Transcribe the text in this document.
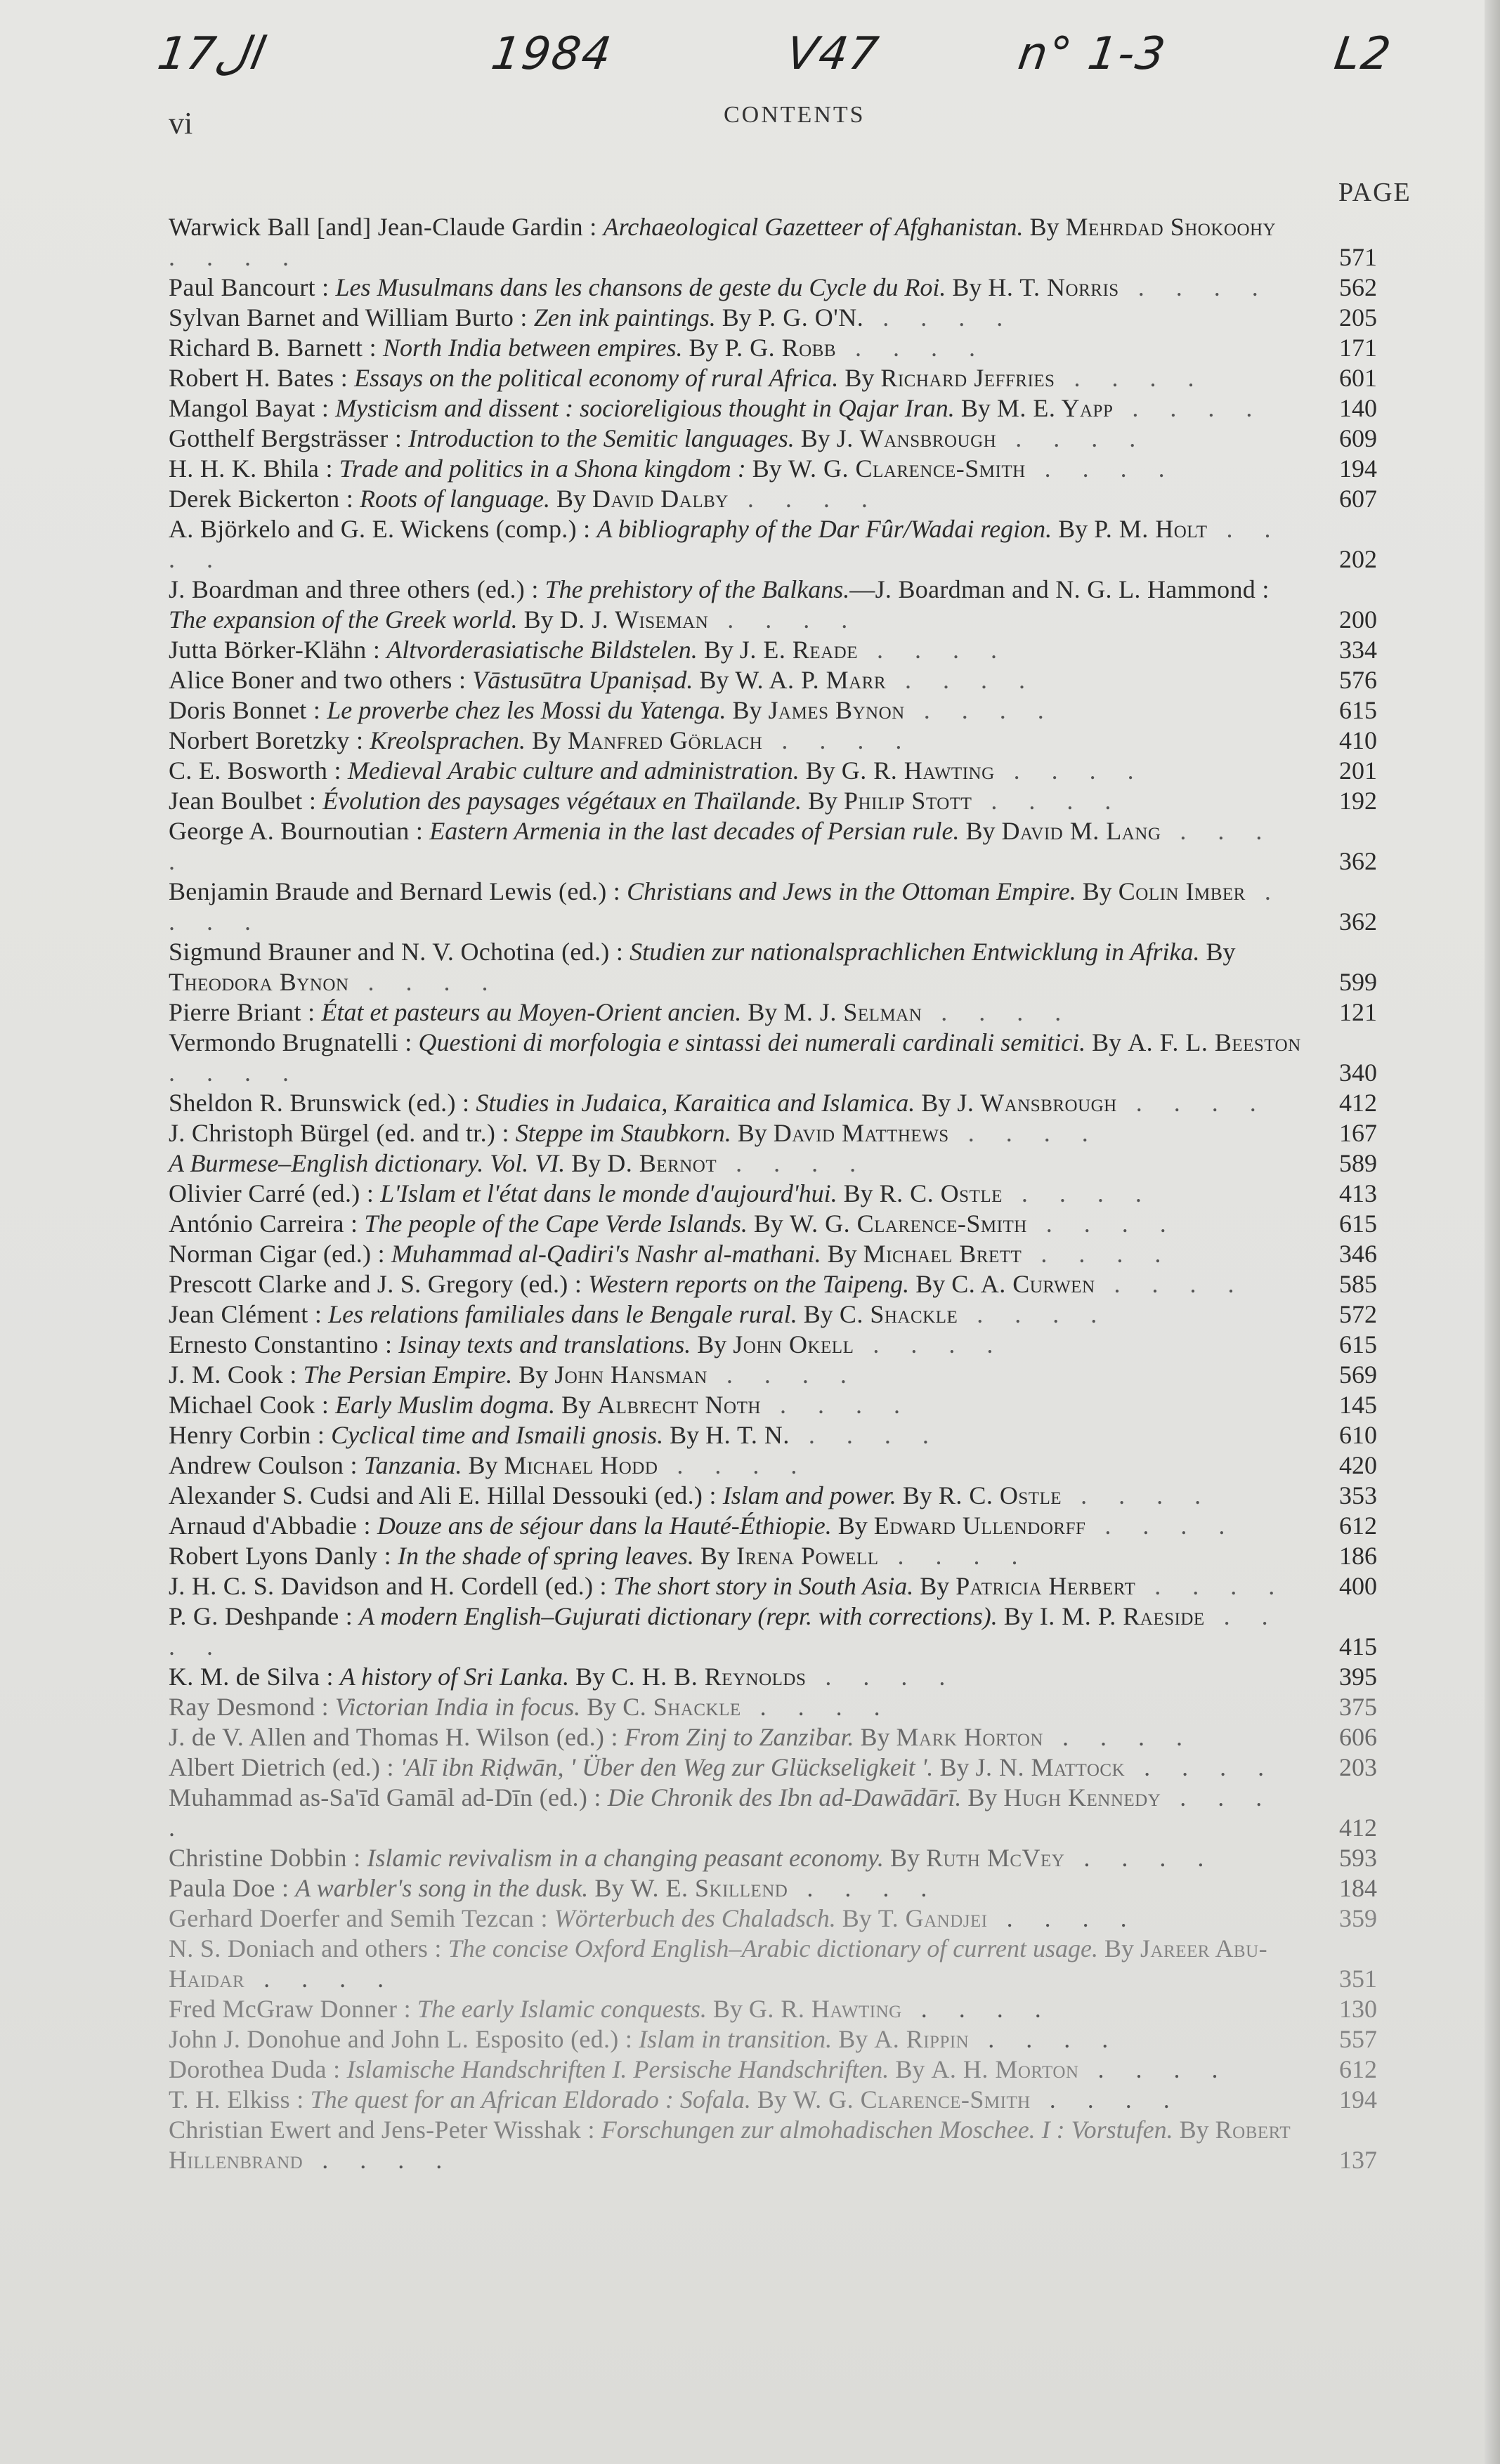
17ال	1984	V47	n° 1-3	L2
vi	CONTENTS
PAGE
Warwick Ball [and] Jean-Claude Gardin : Archaeological Gazetteer of Afghanistan. By Mehrdad Shokoohy . . . .	571
Paul Bancourt : Les Musulmans dans les chansons de geste du Cycle du Roi. By H. T. Norris . . . .	562
Sylvan Barnet and William Burto : Zen ink paintings. By P. G. O'N. . . . .	205
Richard B. Barnett : North India between empires. By P. G. Robb . . . .	171
Robert H. Bates : Essays on the political economy of rural Africa. By Richard Jeffries . . . .	601
Mangol Bayat : Mysticism and dissent : socioreligious thought in Qajar Iran. By M. E. Yapp . . . .	140
Gotthelf Bergsträsser : Introduction to the Semitic languages. By J. Wansbrough . . . .	609
H. H. K. Bhila : Trade and politics in a Shona kingdom : By W. G. Clarence-Smith . . . .	194
Derek Bickerton : Roots of language. By David Dalby . . . .	607
A. Björkelo and G. E. Wickens (comp.) : A bibliography of the Dar Fûr/Wadai region. By P. M. Holt . . . .	202
J. Boardman and three others (ed.) : The prehistory of the Balkans.—J. Boardman and N. G. L. Hammond : The expansion of the Greek world. By D. J. Wiseman . . . .	200
Jutta Börker-Klähn : Altvorderasiatische Bildstelen. By J. E. Reade . . . .	334
Alice Boner and two others : Vāstusūtra Upaniṣad. By W. A. P. Marr . . . .	576
Doris Bonnet : Le proverbe chez les Mossi du Yatenga. By James Bynon . . . .	615
Norbert Boretzky : Kreolsprachen. By Manfred Görlach . . . .	410
C. E. Bosworth : Medieval Arabic culture and administration. By G. R. Hawting . . . .	201
Jean Boulbet : Évolution des paysages végétaux en Thaïlande. By Philip Stott . . . .	192
George A. Bournoutian : Eastern Armenia in the last decades of Persian rule. By David M. Lang . . . .	362
Benjamin Braude and Bernard Lewis (ed.) : Christians and Jews in the Ottoman Empire. By Colin Imber . . . .	362
Sigmund Brauner and N. V. Ochotina (ed.) : Studien zur nationalsprachlichen Entwicklung in Afrika. By Theodora Bynon . . . .	599
Pierre Briant : État et pasteurs au Moyen-Orient ancien. By M. J. Selman . . . .	121
Vermondo Brugnatelli : Questioni di morfologia e sintassi dei numerali cardinali semitici. By A. F. L. Beeston . . . .	340
Sheldon R. Brunswick (ed.) : Studies in Judaica, Karaitica and Islamica. By J. Wansbrough . . . .	412
J. Christoph Bürgel (ed. and tr.) : Steppe im Staubkorn. By David Matthews . . . .	167
A Burmese–English dictionary. Vol. VI. By D. Bernot . . . .	589
Olivier Carré (ed.) : L'Islam et l'état dans le monde d'aujourd'hui. By R. C. Ostle . . . .	413
António Carreira : The people of the Cape Verde Islands. By W. G. Clarence-Smith . . . .	615
Norman Cigar (ed.) : Muhammad al-Qadiri's Nashr al-mathani. By Michael Brett . . . .	346
Prescott Clarke and J. S. Gregory (ed.) : Western reports on the Taipeng. By C. A. Curwen . . . .	585
Jean Clément : Les relations familiales dans le Bengale rural. By C. Shackle . . . .	572
Ernesto Constantino : Isinay texts and translations. By John Okell . . . .	615
J. M. Cook : The Persian Empire. By John Hansman . . . .	569
Michael Cook : Early Muslim dogma. By Albrecht Noth . . . .	145
Henry Corbin : Cyclical time and Ismaili gnosis. By H. T. N. . . . .	610
Andrew Coulson : Tanzania. By Michael Hodd . . . .	420
Alexander S. Cudsi and Ali E. Hillal Dessouki (ed.) : Islam and power. By R. C. Ostle . . . .	353
Arnaud d'Abbadie : Douze ans de séjour dans la Hauté-Éthiopie. By Edward Ullendorff . . . .	612
Robert Lyons Danly : In the shade of spring leaves. By Irena Powell . . . .	186
J. H. C. S. Davidson and H. Cordell (ed.) : The short story in South Asia. By Patricia Herbert . . . .	400
P. G. Deshpande : A modern English–Gujurati dictionary (repr. with corrections). By I. M. P. Raeside . . . .	415
K. M. de Silva : A history of Sri Lanka. By C. H. B. Reynolds . . . .	395
Ray Desmond : Victorian India in focus. By C. Shackle . . . .	375
J. de V. Allen and Thomas H. Wilson (ed.) : From Zinj to Zanzibar. By Mark Horton . . . .	606
Albert Dietrich (ed.) : 'Alī ibn Riḍwān, ' Über den Weg zur Glückseligkeit '. By J. N. Mattock . . . .	203
Muhammad as-Sa'īd Gamāl ad-Dīn (ed.) : Die Chronik des Ibn ad-Dawādārī. By Hugh Kennedy . . . .	412
Christine Dobbin : Islamic revivalism in a changing peasant economy. By Ruth McVey . . . .	593
Paula Doe : A warbler's song in the dusk. By W. E. Skillend . . . .	184
Gerhard Doerfer and Semih Tezcan : Wörterbuch des Chaladsch. By T. Gandjei . . . .	359
N. S. Doniach and others : The concise Oxford English–Arabic dictionary of current usage. By Jareer Abu-Haidar . . . .	351
Fred McGraw Donner : The early Islamic conquests. By G. R. Hawting . . . .	130
John J. Donohue and John L. Esposito (ed.) : Islam in transition. By A. Rippin . . . .	557
Dorothea Duda : Islamische Handschriften I. Persische Handschriften. By A. H. Morton . . . .	612
T. H. Elkiss : The quest for an African Eldorado : Sofala. By W. G. Clarence-Smith . . . .	194
Christian Ewert and Jens-Peter Wisshak : Forschungen zur almohadischen Moschee. I : Vorstufen. By Robert Hillenbrand . . . .	137
